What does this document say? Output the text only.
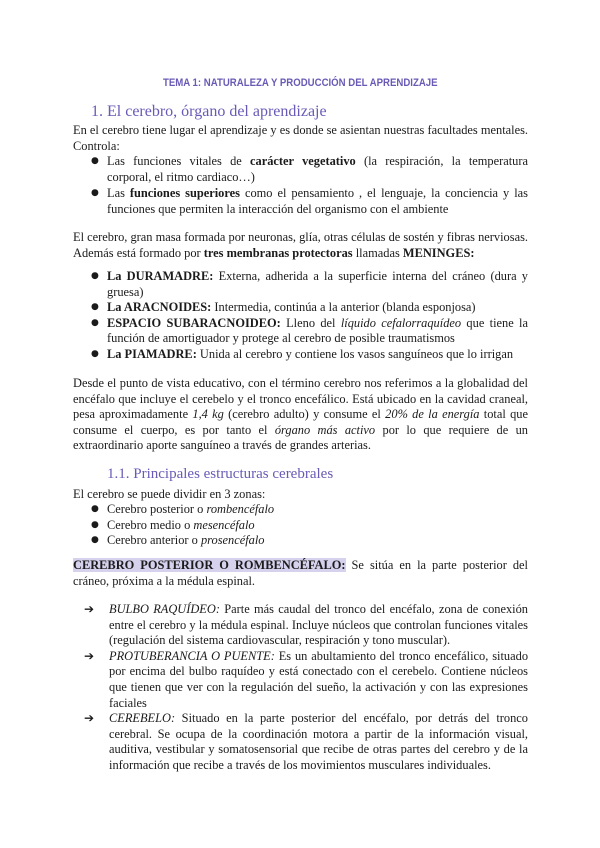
TEMA 1: NATURALEZA Y PRODUCCIÓN DEL APRENDIZAJE
1. El cerebro, órgano del aprendizaje
En el cerebro tiene lugar el aprendizaje y es donde se asientan nuestras facultades mentales. Controla:
● Las funciones vitales de carácter vegetativo (la respiración, la temperatura corporal, el ritmo cardiaco…)
● Las funciones superiores como el pensamiento , el lenguaje, la conciencia y las funciones que permiten la interacción del organismo con el ambiente
El cerebro, gran masa formada por neuronas, glía, otras células de sostén y fibras nerviosas. Además está formado por tres membranas protectoras llamadas MENINGES:
● La DURAMADRE: Externa, adherida a la superficie interna del cráneo (dura y gruesa)
● La ARACNOIDES: Intermedia, continúa a la anterior (blanda esponjosa)
● ESPACIO SUBARACNOIDEO: Lleno del líquido cefalorraquídeo que tiene la función de amortiguador y protege al cerebro de posible traumatismos
● La PIAMADRE: Unida al cerebro y contiene los vasos sanguíneos que lo irrigan
Desde el punto de vista educativo, con el término cerebro nos referimos a la globalidad del encéfalo que incluye el cerebelo y el tronco encefálico. Está ubicado en la cavidad craneal, pesa aproximadamente 1,4 kg (cerebro adulto) y consume el 20% de la energía total que consume el cuerpo, es por tanto el órgano más activo por lo que requiere de un extraordinario aporte sanguíneo a través de grandes arterias.
1.1. Principales estructuras cerebrales
El cerebro se puede dividir en 3 zonas:
● Cerebro posterior o rombencéfalo
● Cerebro medio o mesencéfalo
● Cerebro anterior o prosencéfalo
CEREBRO POSTERIOR O ROMBENCÉFALO: Se sitúa en la parte posterior del cráneo, próxima a la médula espinal.
➔ BULBO RAQUÍDEO: Parte más caudal del tronco del encéfalo, zona de conexión entre el cerebro y la médula espinal. Incluye núcleos que controlan funciones vitales (regulación del sistema cardiovascular, respiración y tono muscular).
➔ PROTUBERANCIA O PUENTE: Es un abultamiento del tronco encefálico, situado por encima del bulbo raquídeo y está conectado con el cerebelo. Contiene núcleos que tienen que ver con la regulación del sueño, la activación y con las expresiones faciales
➔ CEREBELO: Situado en la parte posterior del encéfalo, por detrás del tronco cerebral. Se ocupa de la coordinación motora a partir de la información visual, auditiva, vestibular y somatosensorial que recibe de otras partes del cerebro y de la información que recibe a través de los movimientos musculares individuales.
